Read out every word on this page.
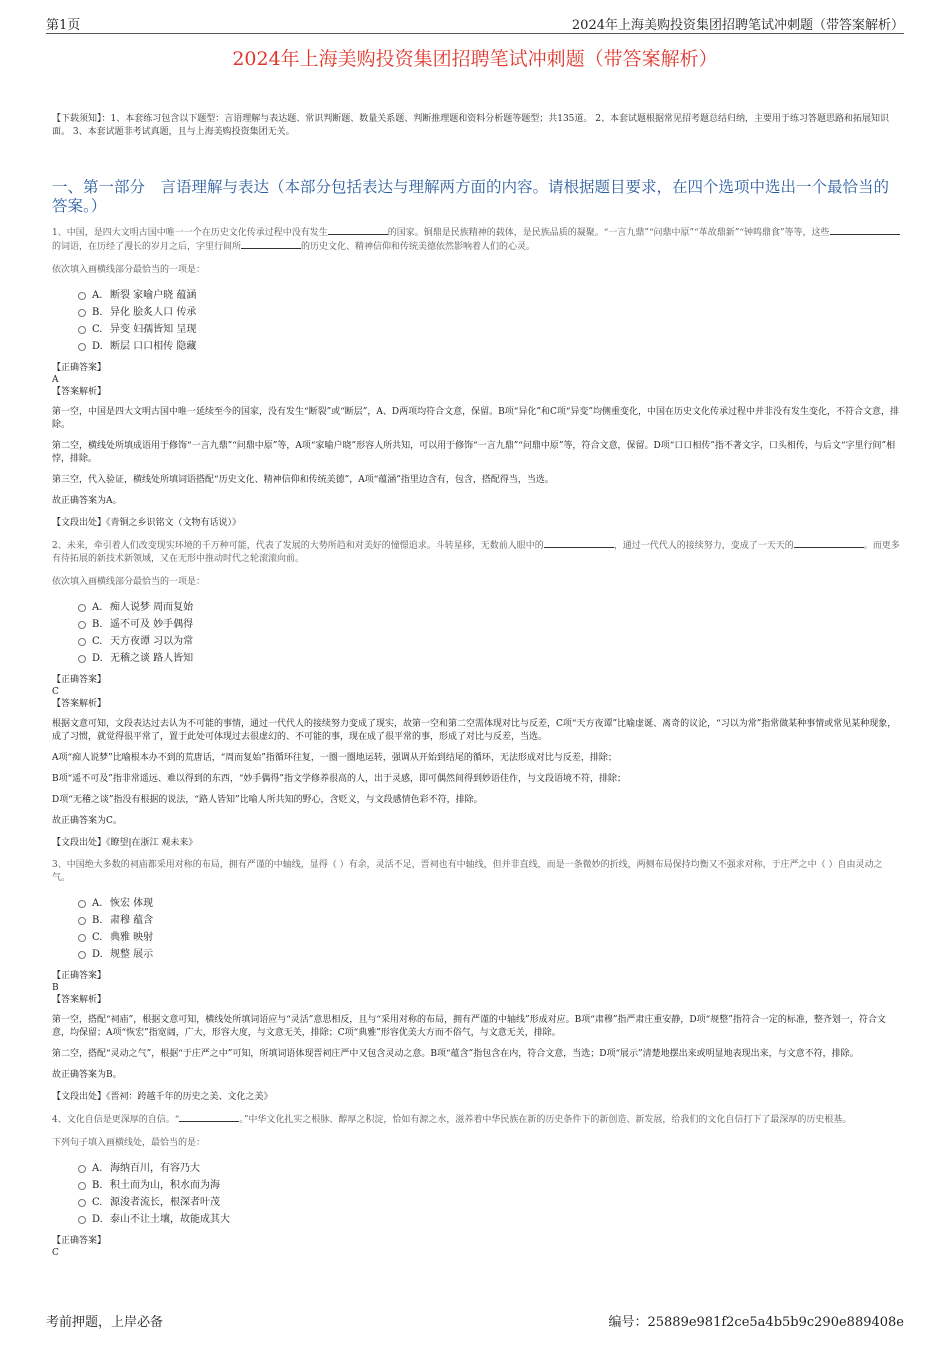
第1页	2024年上海美购投资集团招聘笔试冲刺题（带答案解析）
2024年上海美购投资集团招聘笔试冲刺题（带答案解析）
【下载须知】：1、本套练习包含以下题型：言语理解与表达题、常识判断题、数量关系题、判断推理题和资料分析题等题型；共135道。 2、本套试题根据常见招考题总结归纳，主要用于练习答题思路和拓展知识面。 3、本套试题非考试真题，且与上海美购投资集团无关。
一、第一部分　言语理解与表达（本部分包括表达与理解两方面的内容。请根据题目要求，在四个选项中选出一个最恰当的答案。）
1、中国，是四大文明古国中唯一一个在历史文化传承过程中没有发生	的国家。铜鼎是民族精神的载体，是民族品质的凝聚。“一言九鼎”“问鼎中原”“革故鼎新”“钟鸣鼎食”等等，这些的词语，在历经了漫长的岁月之后，字里行间所	的历史文化、精神信仰和传统美德依然影响着人们的心灵。
依次填入画横线部分最恰当的一项是：
A. 断裂 家喻户晓 蕴涵
B. 异化 脍炙人口 传承
C. 异变 妇孺皆知 呈现
D. 断层 口口相传 隐藏
【正确答案】
A
【答案解析】
第一空，中国是四大文明古国中唯一延续至今的国家，没有发生“断裂”或“断层”，A、D两项均符合文意，保留。B项“异化”和C项“异变”均侧重变化，中国在历史文化传承过程中并非没有发生变化，不符合文意，排除。
第二空，横线处所填成语用于修饰“一言九鼎”“问鼎中原”等，A项“家喻户晓”形容人所共知，可以用于修饰“一言九鼎”“问鼎中原”等，符合文意，保留。D项“口口相传”指不著文字，口头相传，与后文“字里行间”相悖，排除。
第三空，代入验证，横线处所填词语搭配“历史文化、精神信仰和传统美德”，A项“蕴涵”指里边含有，包含，搭配得当，当选。
故正确答案为A。
【文段出处】《青铜之乡识铭文（文物有话说）》
2、未来，牵引着人们改变现实环境的千万种可能，代表了发展的大势所趋和对美好的憧憬追求。斗转星移，无数前人眼中的	，通过一代代人的接续努力，变成了一天天的	。而更多有待拓展的新技术新领域，又在无形中推动时代之轮滚滚向前。
依次填入画横线部分最恰当的一项是：
A. 痴人说梦 周而复始
B. 遥不可及 妙手偶得
C. 天方夜谭 习以为常
D. 无稽之谈 路人皆知
【正确答案】
C
【答案解析】
根据文意可知，文段表达过去认为不可能的事情，通过一代代人的接续努力变成了现实，故第一空和第二空需体现对比与反差，C项“天方夜谭”比喻虚诞、离奇的议论，“习以为常”指常做某种事情或常见某种现象，成了习惯，就觉得很平常了，置于此处可体现过去很虚幻的、不可能的事，现在成了很平常的事，形成了对比与反差，当选。
A项“痴人说梦”比喻根本办不到的荒唐话，“周而复始”指循环往复，一圈一圈地运转，强调从开始到结尾的循环，无法形成对比与反差，排除；
B项“遥不可及”指非常遥远、难以得到的东西，“妙手偶得”指文学修养很高的人，出于灵感，即可偶然间得到妙语佳作，与文段语境不符，排除；
D项“无稽之谈”指没有根据的说法，“路人皆知”比喻人所共知的野心，含贬义，与文段感情色彩不符，排除。
故正确答案为C。
【文段出处】《瞭望|在浙江 观未来》
3、中国绝大多数的祠庙都采用对称的布局，拥有严谨的中轴线，显得（ ）有余，灵活不足，晋祠也有中轴线，但并非直线，而是一条微妙的折线，两侧布局保持均衡又不强求对称，于庄严之中（ ）自由灵动之气。
A. 恢宏 体现
B. 肃穆 蕴含
C. 典雅 映射
D. 规整 展示
【正确答案】
B
【答案解析】
第一空，搭配“祠庙”，根据文意可知，横线处所填词语应与“灵活”意思相反，且与“采用对称的布局，拥有严谨的中轴线”形成对应。B项“肃穆”指严肃庄重安静，D项“规整”指符合一定的标准，整齐划一，符合文意，均保留；A项“恢宏”指宽阔，广大，形容大度，与文意无关，排除；C项“典雅”形容优美大方而不俗气，与文意无关，排除。
第二空，搭配“灵动之气”，根据“于庄严之中”可知，所填词语体现晋祠庄严中又包含灵动之意。B项“蕴含”指包含在内，符合文意，当选；D项“展示”清楚地摆出来或明显地表现出来，与文意不符，排除。
故正确答案为B。
【文段出处】《晋祠：跨越千年的历史之美、文化之美》
4、文化自信是更深厚的自信。“	。”中华文化扎实之根脉、醇厚之积淀，恰如有源之水，滋养着中华民族在新的历史条件下的新创造、新发展，给我们的文化自信打下了最深厚的历史根基。
下列句子填入画横线处，最恰当的是：
A. 海纳百川，有容乃大
B. 积土而为山，积水而为海
C. 源浚者流长，根深者叶茂
D. 泰山不让土壤，故能成其大
【正确答案】
C
考前押题，上岸必备	编号：25889e981f2ce5a4b5b9c290e889408e
